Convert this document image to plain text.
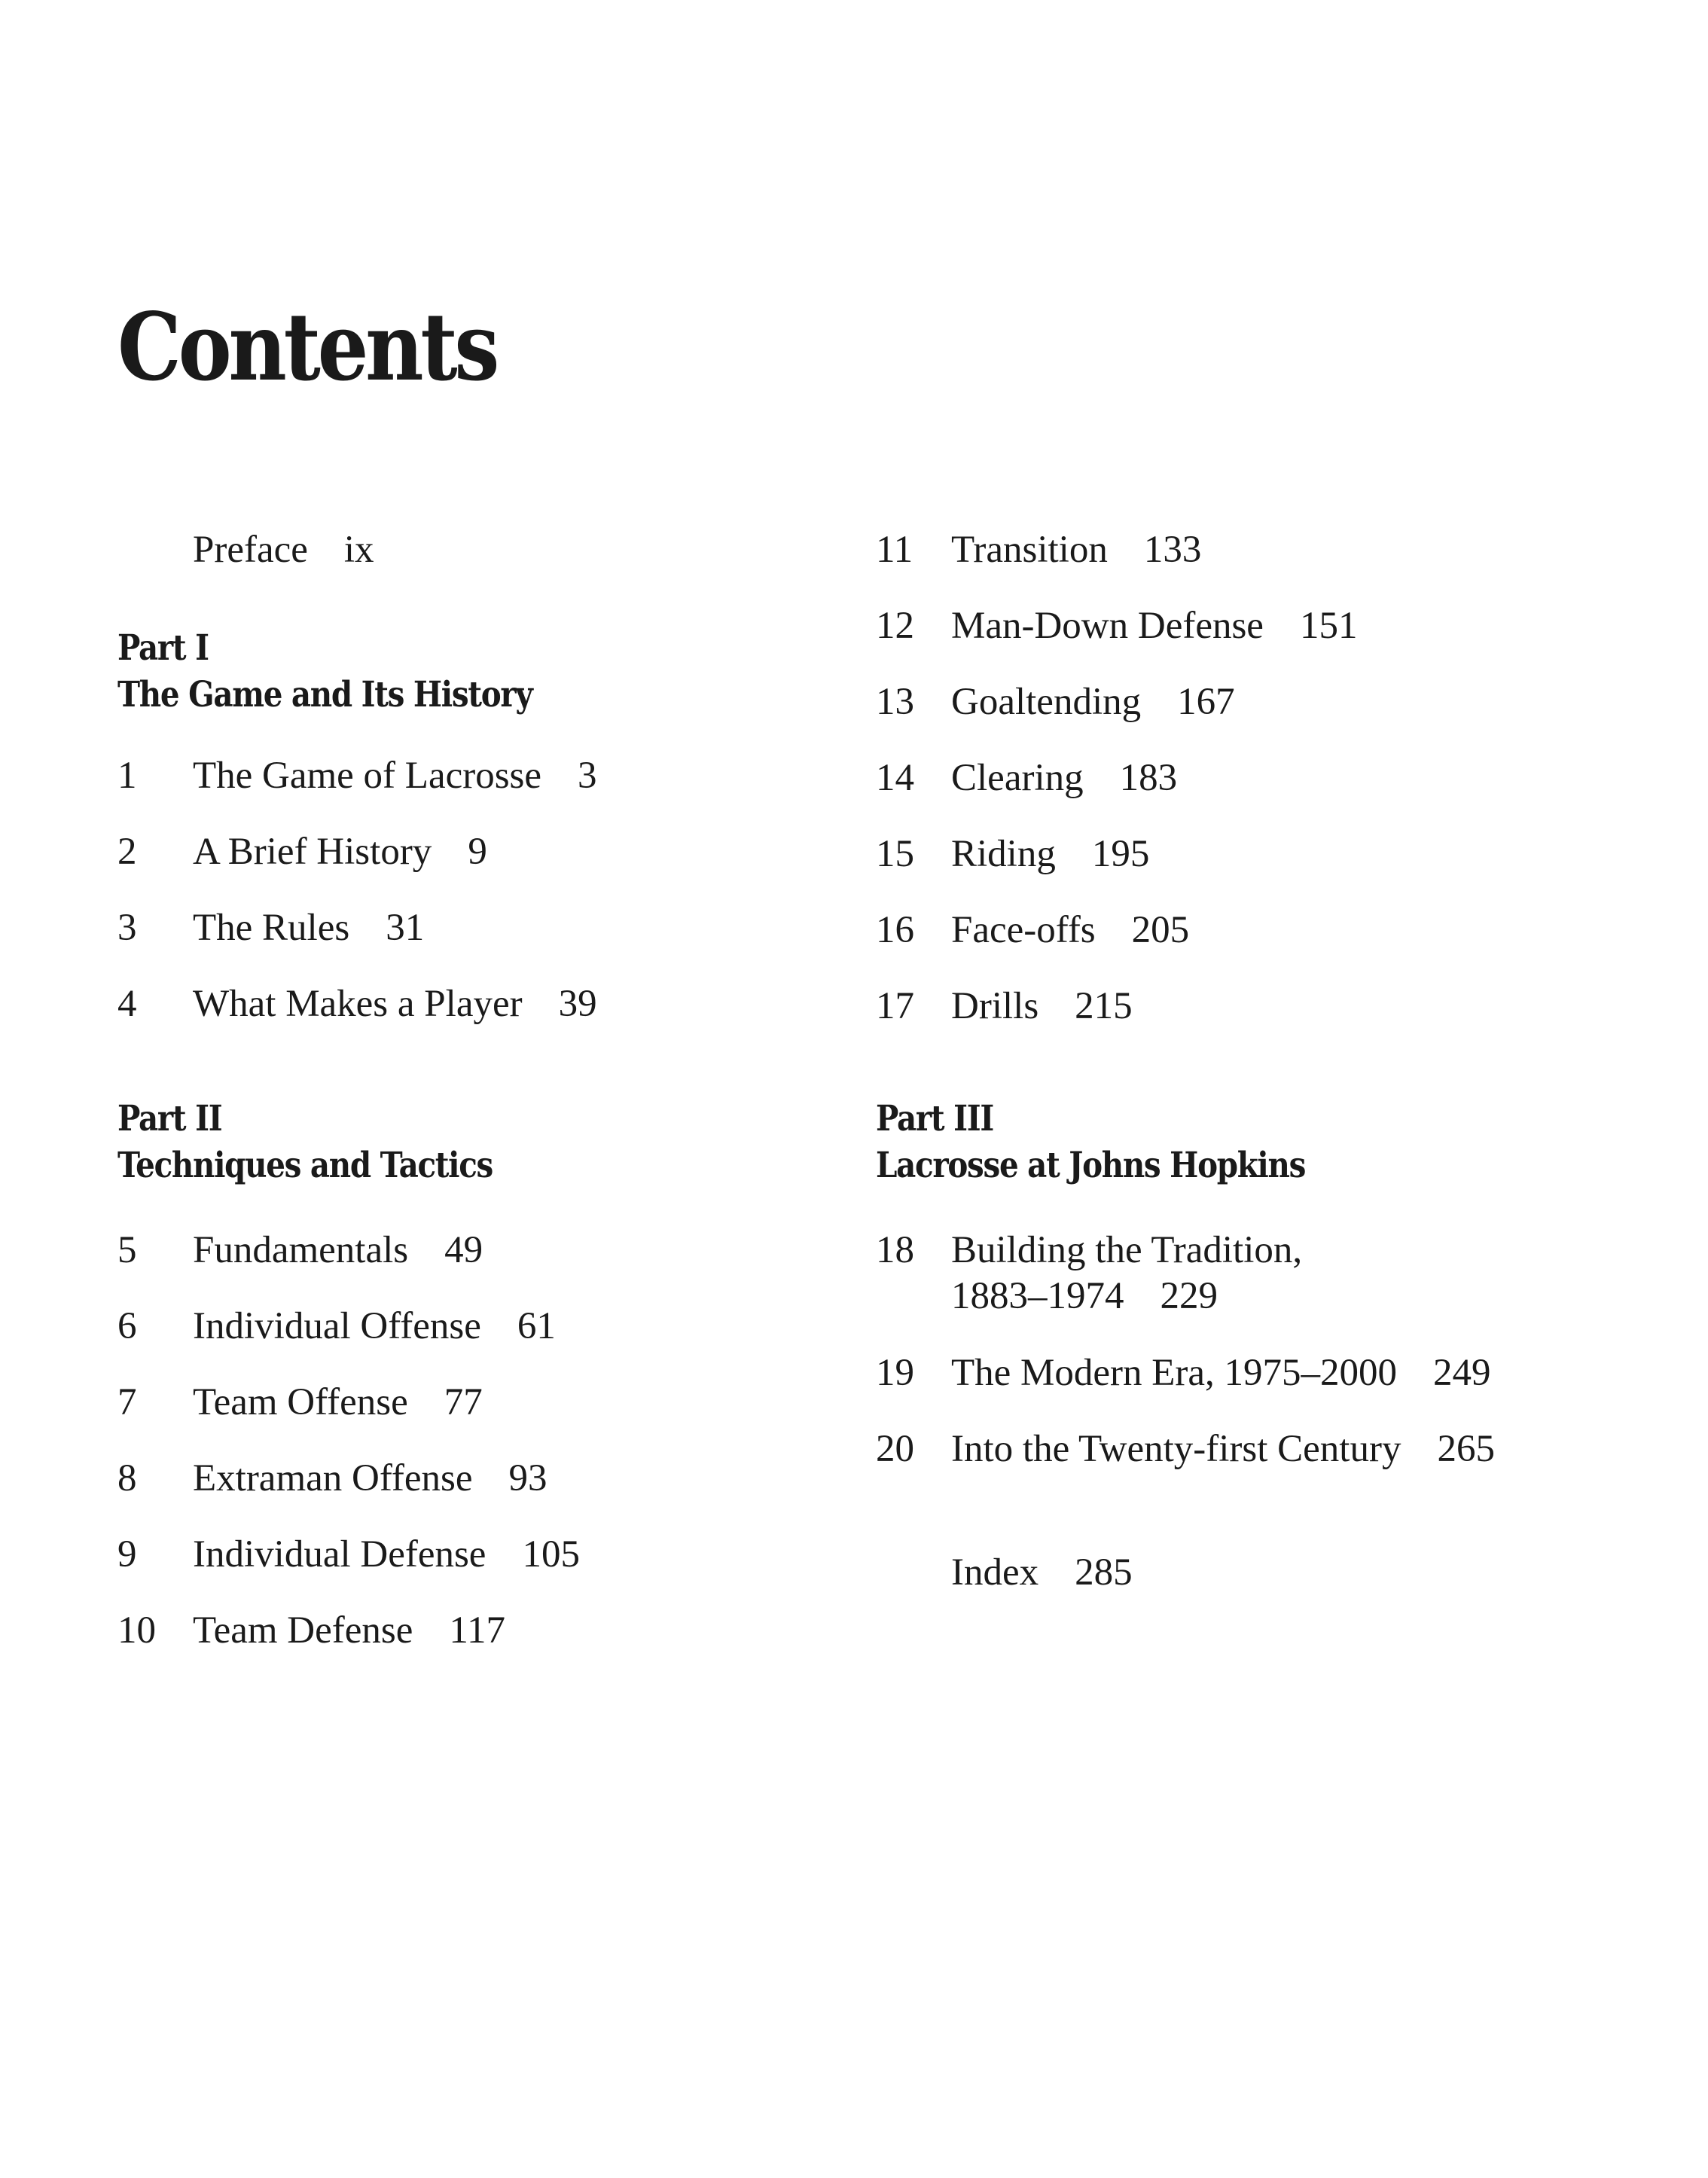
Contents
Preface ix
Part I
The Game and Its History
1 The Game of Lacrosse 3
2 A Brief History 9
3 The Rules 31
4 What Makes a Player 39
Part II
Techniques and Tactics
5 Fundamentals 49
6 Individual Offense 61
7 Team Offense 77
8 Extraman Offense 93
9 Individual Defense 105
10 Team Defense 117
11 Transition 133
12 Man-Down Defense 151
13 Goaltending 167
14 Clearing 183
15 Riding 195
16 Face-offs 205
17 Drills 215
Part III
Lacrosse at Johns Hopkins
18 Building the Tradition,
1883–1974 229
19 The Modern Era, 1975–2000 249
20 Into the Twenty-first Century 265
Index 285
